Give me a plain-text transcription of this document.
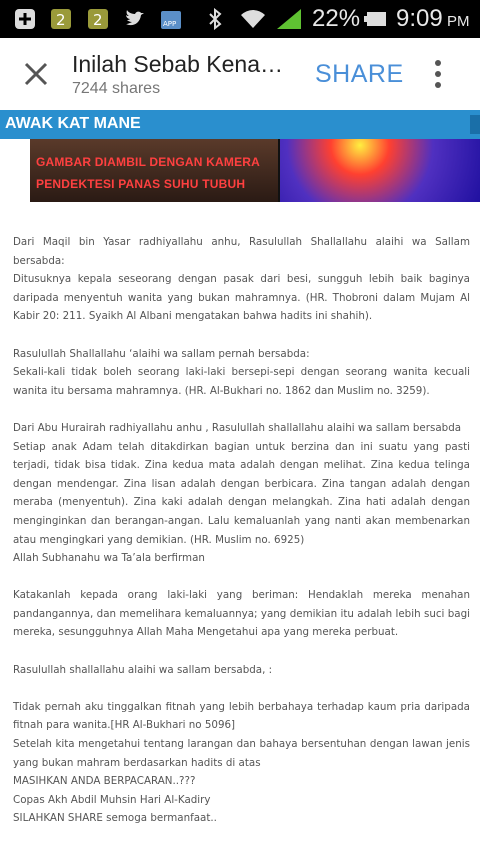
2 2	APP	22% 9:09 PM
Inilah Sebab Kena…
7244 shares
SHARE
AWAK KAT MANE
GAMBAR DIAMBIL DENGAN KAMERA
PENDEKTESI PANAS SUHU TUBUH

Dari Maqil bin Yasar radhiyallahu anhu, Rasulullah Shallallahu alaihi wa Sallam bersabda:

Ditusuknya kepala seseorang dengan pasak dari besi, sungguh lebih baik baginya daripada menyentuh wanita yang bukan mahramnya. (HR. Thobroni dalam Mujam Al Kabir 20: 211. Syaikh Al Albani mengatakan bahwa hadits ini shahih).

Rasulullah Shallallahu ‘alaihi wa sallam pernah bersabda:

Sekali-kali tidak boleh seorang laki-laki bersepi-sepi dengan seorang wanita kecuali wanita itu bersama mahramnya. (HR. Al-Bukhari no. 1862 dan Muslim no. 3259).

Dari Abu Hurairah radhiyallahu anhu , Rasulullah shallallahu alaihi wa sallam bersabda

Setiap anak Adam telah ditakdirkan bagian untuk berzina dan ini suatu yang pasti terjadi, tidak bisa tidak. Zina kedua mata adalah dengan melihat. Zina kedua telinga dengan mendengar. Zina lisan adalah dengan berbicara. Zina tangan adalah dengan meraba (menyentuh). Zina kaki adalah dengan melangkah. Zina hati adalah dengan menginginkan dan berangan-angan. Lalu kemaluanlah yang nanti akan membenarkan atau mengingkari yang demikian. (HR. Muslim no. 6925)

Allah Subhanahu wa Ta’ala berfirman

Katakanlah kepada orang laki-laki yang beriman: Hendaklah mereka menahan pandangannya, dan memelihara kemaluannya; yang demikian itu adalah lebih suci bagi mereka, sesungguhnya Allah Maha Mengetahui apa yang mereka perbuat.

Rasulullah shallallahu alaihi wa sallam bersabda, :

Tidak pernah aku tinggalkan fitnah yang lebih berbahaya terhadap kaum pria daripada fitnah para wanita.[HR Al-Bukhari no 5096]

Setelah kita mengetahui tentang larangan dan bahaya bersentuhan dengan lawan jenis yang bukan mahram berdasarkan hadits di atas

MASIHKAN ANDA BERPACARAN..???

Copas Akh Abdil Muhsin Hari Al-Kadiry

SILAHKAN SHARE semoga bermanfaat..
